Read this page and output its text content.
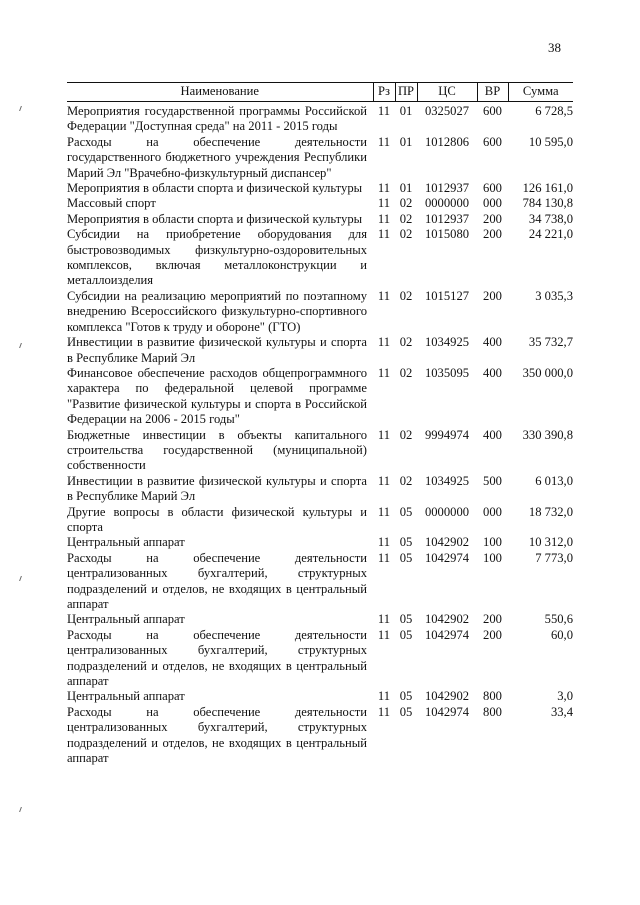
38
Наименование	Рз	ПР	ЦС	ВР	Сумма
Мероприятия государственной программы Российской Федерации "Доступная среда" на 2011 - 2015 годы	11	01	0325027	600	6 728,5
Расходы на обеспечение деятельности государственного бюджетного учреждения Республики Марий Эл "Врачебно-физкультурный диспансер"	11	01	1012806	600	10 595,0
Мероприятия в области спорта и физической культуры	11	01	1012937	600	126 161,0
Массовый спорт	11	02	0000000	000	784 130,8
Мероприятия в области спорта и физической культуры	11	02	1012937	200	34 738,0
Субсидии на приобретение оборудования для быстровозводимых физкультурно-оздоровительных комплексов, включая металлоконструкции и металлоизделия	11	02	1015080	200	24 221,0
Субсидии на реализацию мероприятий по поэтапному внедрению Всероссийского физкультурно-спортивного комплекса "Готов к труду и обороне" (ГТО)	11	02	1015127	200	3 035,3
Инвестиции в развитие физической культуры и спорта в Республике Марий Эл	11	02	1034925	400	35 732,7
Финансовое обеспечение расходов общепрограммного характера по федеральной целевой программе "Развитие физической культуры и спорта в Российской Федерации на 2006 - 2015 годы"	11	02	1035095	400	350 000,0
Бюджетные инвестиции в объекты капитального строительства государственной (муниципальной) собственности	11	02	9994974	400	330 390,8
Инвестиции в развитие физической культуры и спорта в Республике Марий Эл	11	02	1034925	500	6 013,0
Другие вопросы в области физической культуры и спорта	11	05	0000000	000	18 732,0
Центральный аппарат	11	05	1042902	100	10 312,0
Расходы на обеспечение деятельности централизованных бухгалтерий, структурных подразделений и отделов, не входящих в центральный аппарат	11	05	1042974	100	7 773,0
Центральный аппарат	11	05	1042902	200	550,6
Расходы на обеспечение деятельности централизованных бухгалтерий, структурных подразделений и отделов, не входящих в центральный аппарат	11	05	1042974	200	60,0
Центральный аппарат	11	05	1042902	800	3,0
Расходы на обеспечение деятельности централизованных бухгалтерий, структурных подразделений и отделов, не входящих в центральный аппарат	11	05	1042974	800	33,4
